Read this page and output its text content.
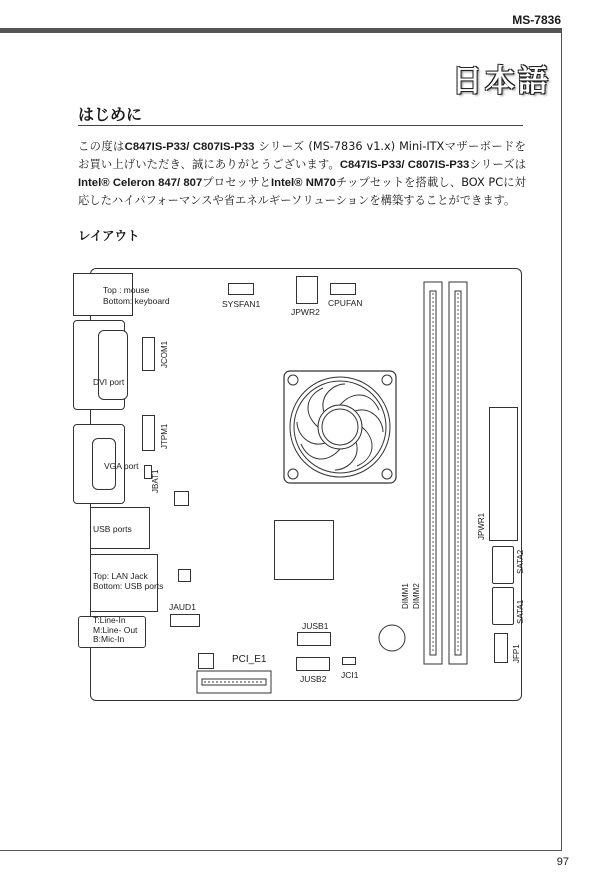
MS-7836
97
日本語
はじめに
この度はC847IS-P33/ C807IS-P33 シリーズ (MS-7836 v1.x) Mini-ITXマザーボードをお買い上げいただき、誠にありがとうございます。C847IS-P33/ C807IS-P33シリーズはIntel® Celeron 847/ 807プロセッサとIntel® NM70チップセットを搭載し、BOX PCに対応したハイパフォーマンスや省エネルギーソリューションを構築することができます。
レイアウト
Top : mouse
Bottom: keyboard
DVI port
VGA port
USB ports
Top: LAN Jack
Bottom: USB ports
T:Line-In
M:Line- Out
B:Mic-In
SYSFAN1
JPWR2
CPUFAN
JCOM1
JTPM1
JBAT1
DIMM1 DIMM2
JPWR1
SATA2
SATA1
JFP1
JAUD1
JUSB1
JUSB2 JCI1
PCI_E1
